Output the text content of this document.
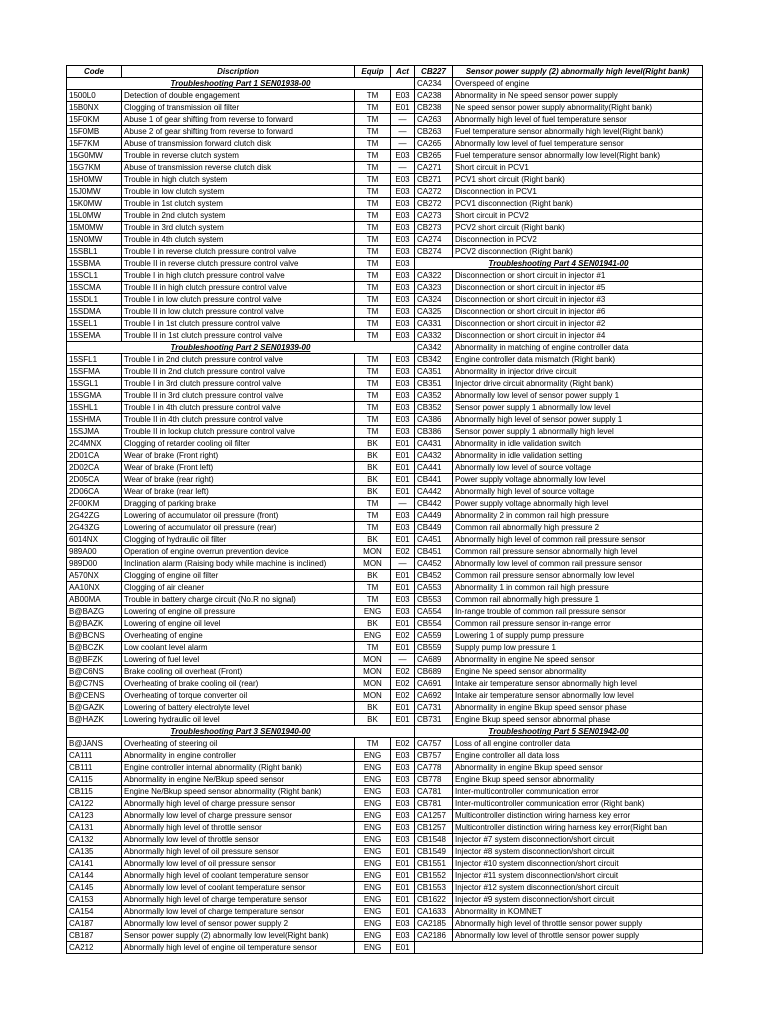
Code	Discription	Equip	Act	CB227	Sensor power supply (2) abnormally high level(Right bank)
Troubleshooting Part 1 SEN01938-00				CA234	Overspeed of engine
1500L0	Detection of double engagement	TM	E03	CA238	Abnormality in Ne speed sensor power supply
15B0NX	Clogging of transmission oil filter	TM	E01	CB238	Ne speed sensor power supply abnormality(Right bank)
15F0KM	Abuse 1 of gear shifting from reverse to forward	TM	—	CA263	Abnormally high level of fuel temperature sensor
15F0MB	Abuse 2 of gear shifting from reverse to forward	TM	—	CB263	Fuel temperature sensor abnormally high level(Right bank)
15F7KM	Abuse of transmission forward clutch disk	TM	—	CA265	Abnormally low level of fuel temperature sensor
15G0MW	Trouble in reverse clutch system	TM	E03	CB265	Fuel temperature sensor abnormally low level(Right bank)
15G7KM	Abuse of transmission reverse clutch disk	TM	—	CA271	Short circuit in PCV1
15H0MW	Trouble in high clutch system	TM	E03	CB271	PCV1 short circuit (Right bank)
15J0MW	Trouble in low clutch system	TM	E03	CA272	Disconnection in PCV1
15K0MW	Trouble in 1st clutch system	TM	E03	CB272	PCV1 disconnection (Right bank)
15L0MW	Trouble in 2nd clutch system	TM	E03	CA273	Short circuit in PCV2
15M0MW	Trouble in 3rd clutch system	TM	E03	CB273	PCV2 short circuit (Right bank)
15N0MW	Trouble in 4th clutch system	TM	E03	CA274	Disconnection in PCV2
15SBL1	Trouble I in reverse clutch pressure control valve	TM	E03	CB274	PCV2 disconnection (Right bank)
15SBMA	Trouble II in reverse clutch pressure control valve	TM	E03	Troubleshooting Part 4 SEN01941-00	
15SCL1	Trouble I in high clutch pressure control valve	TM	E03	CA322	Disconnection or short circuit in injector #1
15SCMA	Trouble II in high clutch pressure control valve	TM	E03	CA323	Disconnection or short circuit in injector #5
15SDL1	Trouble I in low clutch pressure control valve	TM	E03	CA324	Disconnection or short circuit in injector #3
15SDMA	Trouble II in low clutch pressure control valve	TM	E03	CA325	Disconnection or short circuit in injector #6
15SEL1	Trouble I in 1st clutch pressure control valve	TM	E03	CA331	Disconnection or short circuit in injector #2
15SEMA	Trouble II in 1st clutch pressure control valve	TM	E03	CA332	Disconnection or short circuit in injector #4
Troubleshooting Part 2 SEN01939-00				CA342	Abnormality in matching of engine controller data
15SFL1	Trouble I in 2nd clutch pressure control valve	TM	E03	CB342	Engine controller data mismatch (Right bank)
15SFMA	Trouble II in 2nd clutch pressure control valve	TM	E03	CA351	Abnormality in injector drive circuit
15SGL1	Trouble I in 3rd clutch pressure control valve	TM	E03	CB351	Injector drive circuit abnormality (Right bank)
15SGMA	Trouble II in 3rd clutch pressure control valve	TM	E03	CA352	Abnormally low level of sensor power supply 1
15SHL1	Trouble I in 4th clutch pressure control valve	TM	E03	CB352	Sensor power supply 1 abnormally low level
15SHMA	Trouble II in 4th clutch pressure control valve	TM	E03	CA386	Abnormally high level of sensor power supply 1
15SJMA	Trouble II in lockup clutch pressure control valve	TM	E03	CB386	Sensor power supply 1 abnormally high level
2C4MNX	Clogging of retarder cooling oil filter	BK	E01	CA431	Abnormality in idle validation switch
2D01CA	Wear of brake (Front right)	BK	E01	CA432	Abnormality in idle validation setting
2D02CA	Wear of brake (Front left)	BK	E01	CA441	Abnormally low level of source voltage
2D05CA	Wear of brake (rear right)	BK	E01	CB441	Power supply voltage abnormally low level
2D06CA	Wear of brake (rear left)	BK	E01	CA442	Abnormally high level of source voltage
2F00KM	Dragging of parking brake	TM	—	CB442	Power supply voltage abnormally high level
2G42ZG	Lowering of accumulator oil pressure (front)	TM	E03	CA449	Abnormality 2 in common rail high pressure
2G43ZG	Lowering of accumulator oil pressure (rear)	TM	E03	CB449	Common rail abnormally high pressure 2
6014NX	Clogging of hydraulic oil filter	BK	E01	CA451	Abnormally high level of common rail pressure sensor
989A00	Operation of engine overrun prevention device	MON	E02	CB451	Common rail pressure sensor abnormally high level
989D00	Inclination alarm (Raising body while machine is inclined)	MON	—	CA452	Abnormally low level of common rail pressure sensor
A570NX	Clogging of engine oil filter	BK	E01	CB452	Common rail pressure sensor abnormally low level
AA10NX	Clogging of air cleaner	TM	E01	CA553	Abnormality 1 in common rail high pressure
AB00MA	Trouble in battery charge circuit (No.R no signal)	TM	E03	CB553	Common rail abnormally high pressure 1
B@BAZG	Lowering of engine oil pressure	ENG	E03	CA554	In-range trouble of common rail pressure sensor
B@BAZK	Lowering of engine oil level	BK	E01	CB554	Common rail pressure sensor in-range error
B@BCNS	Overheating of engine	ENG	E02	CA559	Lowering 1 of supply pump pressure
B@BCZK	Low coolant level alarm	TM	E01	CB559	Supply pump low pressure 1
B@BFZK	Lowering of fuel level	MON	—	CA689	Abnormality in engine Ne speed sensor
B@C6NS	Brake cooling oil overheat (Front)	MON	E02	CB689	Engine Ne speed sensor abnormality
B@C7NS	Overheating of brake cooling oil (rear)	MON	E02	CA691	Intake air temperature sensor abnormally high level
B@CENS	Overheating of torque converter oil	MON	E02	CA692	Intake air temperature sensor abnormally low level
B@GAZK	Lowering of battery electrolyte level	BK	E01	CA731	Abnormality in engine Bkup speed sensor phase
B@HAZK	Lowering hydraulic oil level	BK	E01	CB731	Engine Bkup speed sensor abnormal phase
Troubleshooting Part 3 SEN01940-00				Troubleshooting Part 5 SEN01942-00	
B@JANS	Overheating of steering oil	TM	E02	CA757	Loss of all engine controller data
CA111	Abnormality in engine controller	ENG	E03	CB757	Engine controller all data loss
CB111	Engine controller internal abnormality (Right bank)	ENG	E03	CA778	Abnormality in engine Bkup speed sensor
CA115	Abnormality in engine Ne/Bkup speed sensor	ENG	E03	CB778	Engine Bkup speed sensor abnormality
CB115	Engine Ne/Bkup speed sensor abnormality (Right bank)	ENG	E03	CA781	Inter-multicontroller communication error
CA122	Abnormally high level of charge pressure sensor	ENG	E03	CB781	Inter-multicontroller communication error (Right bank)
CA123	Abnormally low level of charge pressure sensor	ENG	E03	CA1257	Multicontroller distinction wiring harness key error
CA131	Abnormally high level of throttle sensor	ENG	E03	CB1257	Multicontroller distinction wiring harness key error(Right ban
CA132	Abnormally low level of throttle sensor	ENG	E03	CB1548	Injector #7 system disconnection/short circuit
CA135	Abnormally high level of oil pressure sensor	ENG	E01	CB1549	Injector #8 system disconnection/short circuit
CA141	Abnormally low level of oil pressure sensor	ENG	E01	CB1551	Injector #10 system disconnection/short circuit
CA144	Abnormally high level of coolant temperature sensor	ENG	E01	CB1552	Injector #11 system disconnection/short circuit
CA145	Abnormally low level of coolant temperature sensor	ENG	E01	CB1553	Injector #12 system disconnection/short circuit
CA153	Abnormally high level of charge temperature sensor	ENG	E01	CB1622	Injector #9 system disconnection/short circuit
CA154	Abnormally low level of charge temperature sensor	ENG	E01	CA1633	Abnormality in KOMNET
CA187	Abnormally low level of sensor power supply 2	ENG	E03	CA2185	Abnormally high level of throttle sensor power supply
CB187	Sensor power supply (2) abnormally low level(Right bank)	ENG	E03	CA2186	Abnormally low level of throttle sensor power supply
CA212	Abnormally high level of engine oil temperature sensor	ENG	E01		
